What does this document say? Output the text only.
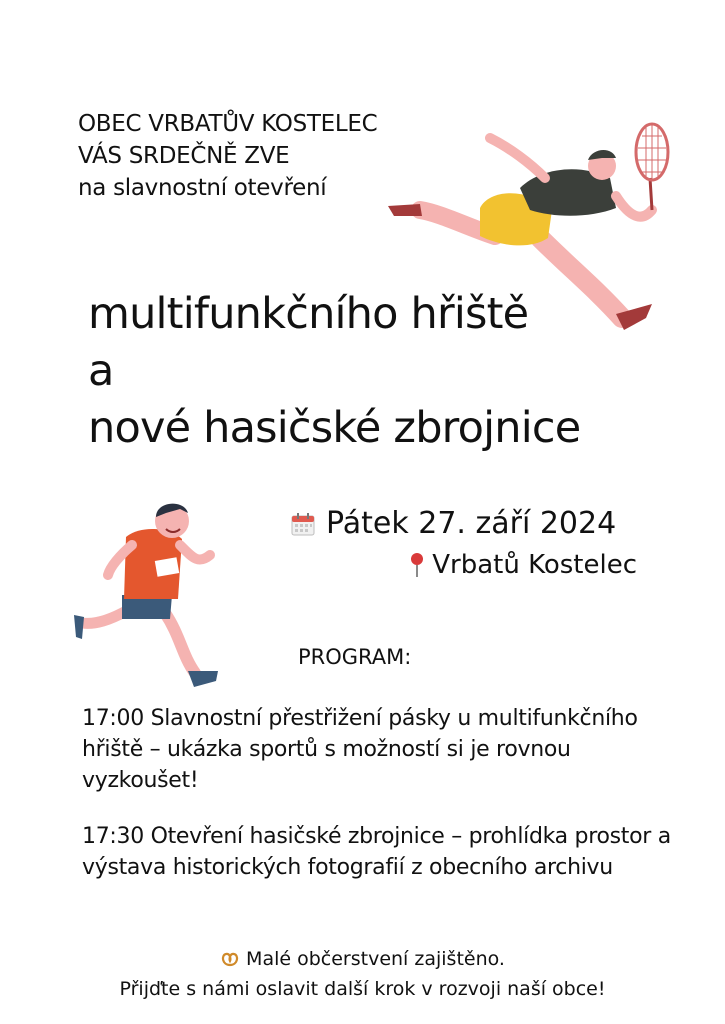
OBEC VRBATŮV KOSTELEC
VÁS SRDEČNĚ ZVE
na slavnostní otevření
multifunkčního hřiště
a
nové hasičské zbrojnice
Pátek 27. září 2024
Vrbatů Kostelec
PROGRAM:
17:00 Slavnostní přestřižení pásky u multifunkčního hřiště – ukázka sportů s možností si je rovnou vyzkoušet!
17:30 Otevření hasičské zbrojnice – prohlídka prostor a výstava historických fotografií z obecního archivu
Malé občerstvení zajištěno.
Přijďte s námi oslavit další krok v rozvoji naší obce!
